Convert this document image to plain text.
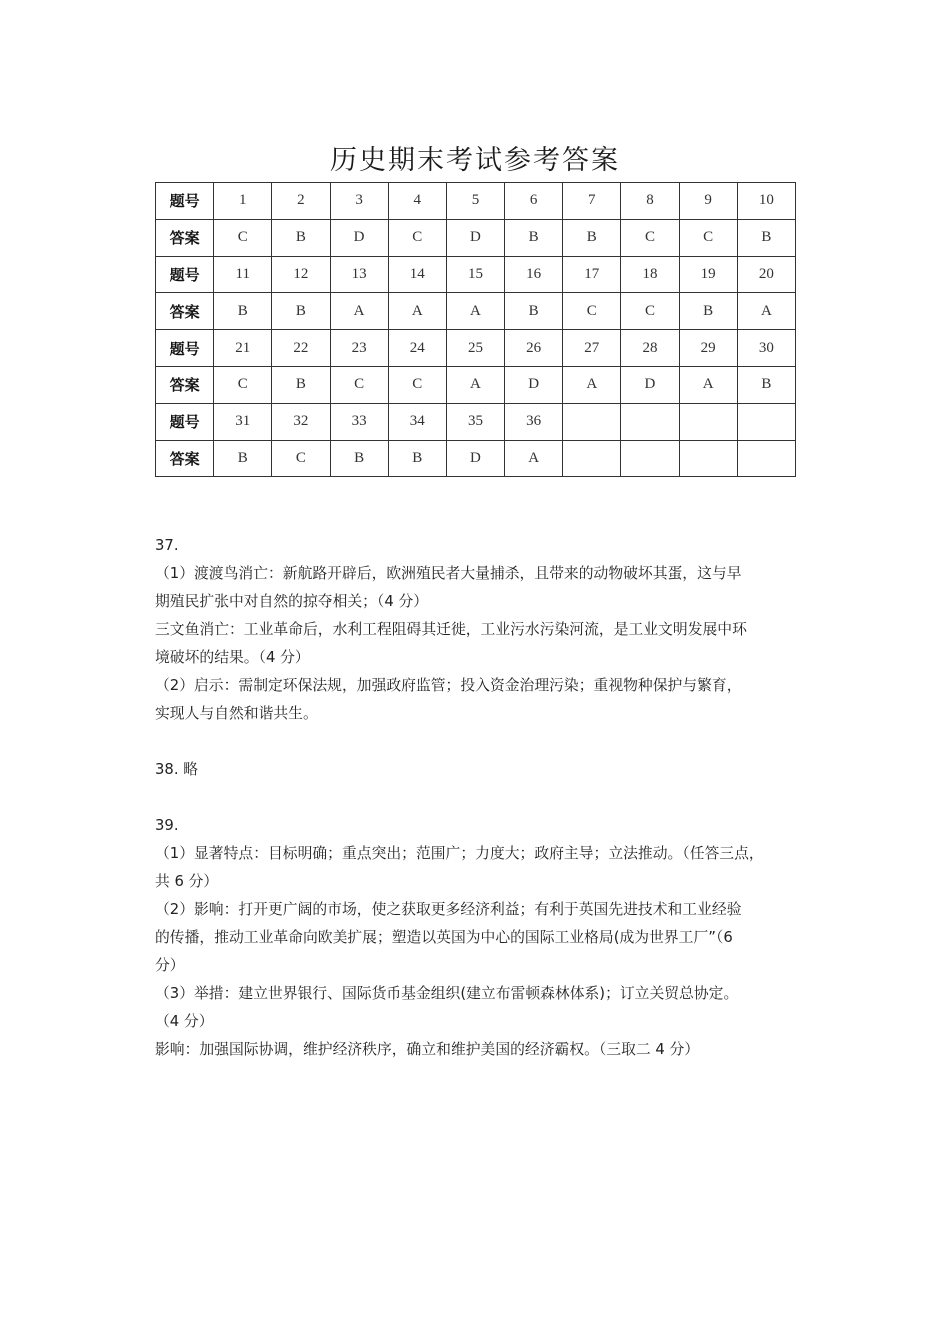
历史期末考试参考答案
题号	1	2	3	4	5	6	7	8	9	10
答案	C	B	D	C	D	B	B	C	C	B
题号	11	12	13	14	15	16	17	18	19	20
答案	B	B	A	A	A	B	C	C	B	A
题号	21	22	23	24	25	26	27	28	29	30
答案	C	B	C	C	A	D	A	D	A	B
题号	31	32	33	34	35	36				
答案	B	C	B	B	D	A				

37.

（1）渡渡鸟消亡：新航路开辟后，欧洲殖民者大量捕杀，且带来的动物破坏其蛋，这与早

期殖民扩张中对自然的掠夺相关；（4 分）

三文鱼消亡：工业革命后，水利工程阻碍其迁徙，工业污水污染河流，是工业文明发展中环

境破坏的结果。（4 分）

（2）启示：需制定环保法规，加强政府监管；投入资金治理污染；重视物种保护与繁育，

实现人与自然和谐共生。

38. 略

39.

（1）显著特点：目标明确；重点突出；范围广；力度大；政府主导；立法推动。（任答三点，

共 6 分）

（2）影响：打开更广阔的市场，使之获取更多经济利益；有利于英国先进技术和工业经验

的传播，推动工业革命向欧美扩展；塑造以英国为中心的国际工业格局(成为世界工厂”（6

分）

（3）举措：建立世界银行、国际货币基金组织(建立布雷顿森林体系)；订立关贸总协定。

（4 分）

影响：加强国际协调，维护经济秩序，确立和维护美国的经济霸权。（三取二 4 分）
